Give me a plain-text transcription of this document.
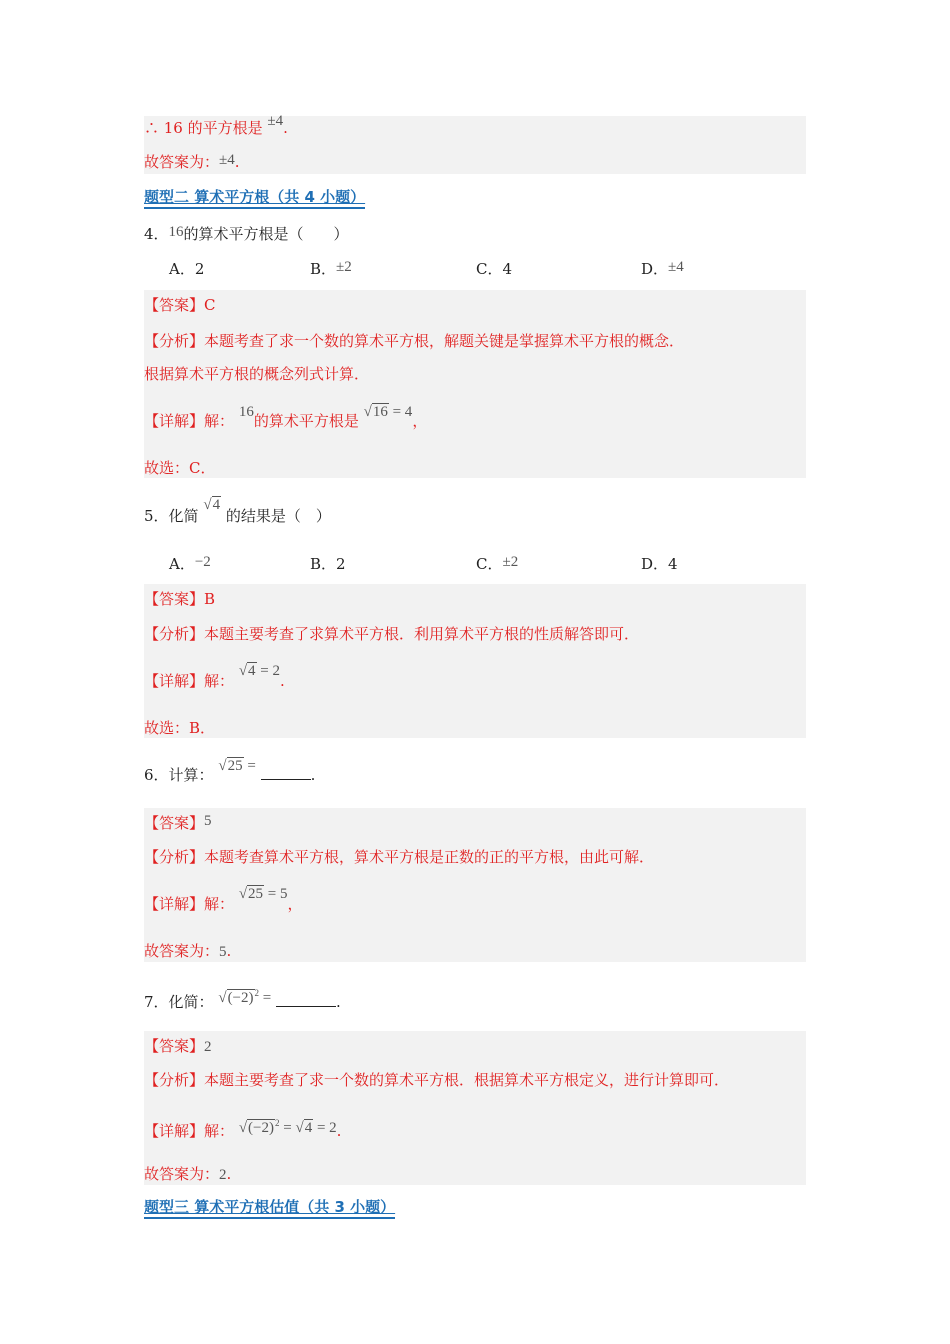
∴ 16 的平方根是 ±4.
故答案为：±4.
题型二 算术平方根（共 4 小题）
4．16的算术平方根是（　　）
A．2	B．±2	C．4	D．±4
【答案】C
【分析】本题考查了求一个数的算术平方根，解题关键是掌握算术平方根的概念．
根据算术平方根的概念列式计算．
【详解】解： 16的算术平方根是 √16 = 4，
故选：C．
5．化简 √4 的结果是（　）
A．−2	B．2	C．±2	D．4
【答案】B
【分析】本题主要考查了求算术平方根．利用算术平方根的性质解答即可．
【详解】解： √4 = 2.
故选：B．
6．计算： √25 =	.
【答案】5
【分析】本题考查算术平方根，算术平方根是正数的正的平方根，由此可解．
【详解】解： √25 = 5，
故答案为：5.
7．化简： $√(-2)^2$ =	.
【答案】2
【分析】本题主要考查了求一个数的算术平方根．根据算术平方根定义，进行计算即可．
【详解】解： $√(-2)^2 = √4 = 2$.
故答案为：2.
题型三 算术平方根估值（共 3 小题）
